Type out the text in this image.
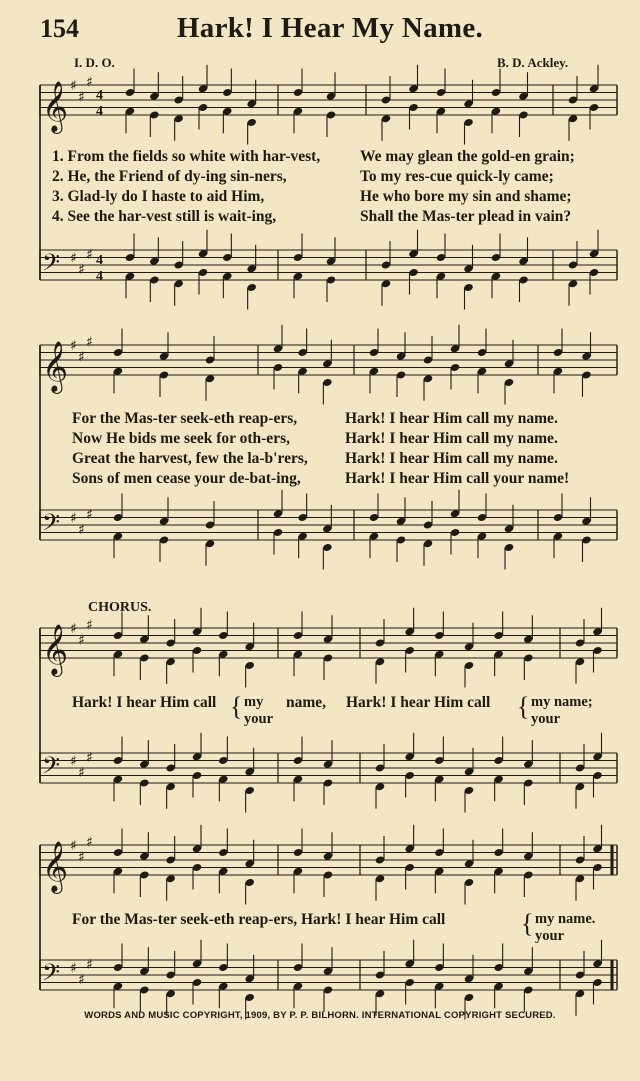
154	Hark! I Hear My Name.
I. D. O.	B. D. Ackley.
𝄞 ♯
♯
♯
4
4
𝄢 ♯
♯
♯ 4
4
𝄞 ♯
♯
♯
𝄢 ♯
♯
♯
𝄞 ♯
♯
♯
𝄢 ♯
♯
♯
𝄞 ♯
♯
♯
𝄢 ♯
♯
♯
1. From the fields so white with har-vest,	We may glean the gold-en grain;
2. He, the Friend of dy-ing sin-ners,	To my res-cue quick-ly came;
3. Glad-ly do I haste to aid Him,	He who bore my sin and shame;
4. See the har-vest still is wait-ing,	Shall the Mas-ter plead in vain?
For the Mas-ter seek-eth reap-ers,	Hark! I hear Him call my name.
Now He bids me seek for oth-ers,	Hark! I hear Him call my name.
Great the harvest, few the la-b'rers, Hark! I hear Him call my name.
Sons of men cease your de-bat-ing,	Hark! I hear Him call your name!
CHORUS.
Hark! I hear Him call { my
your
name, Hark! I hear Him call { my name;
your
For the Mas-ter seek-eth reap-ers, Hark! I hear Him call	{ my name.
your
WORDS AND MUSIC COPYRIGHT, 1909, BY P. P. BILHORN. INTERNATIONAL COPYRIGHT SECURED.
